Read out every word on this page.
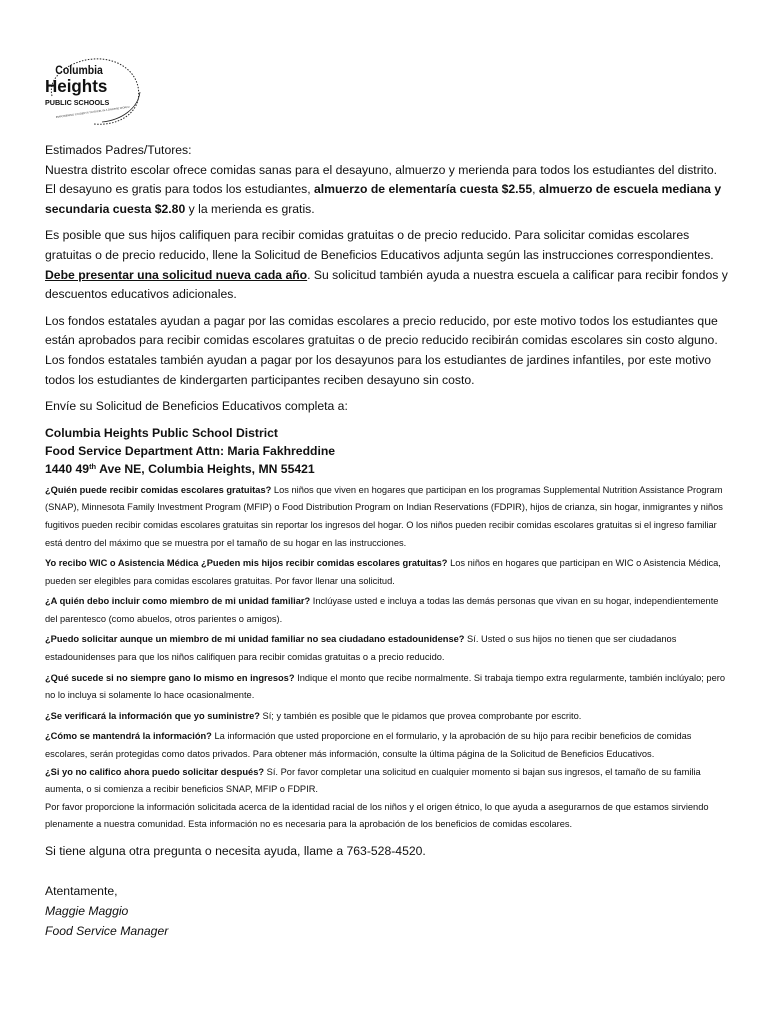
Columbia
Heights
PUBLIC SCHOOLS
EMPOWERING STUDENTS TO EXCEL IN A DIVERSE WORLD

Estimados Padres/Tutores:

Nuestra distrito escolar ofrece comidas sanas para el desayuno, almuerzo y merienda para todos los estudiantes del distrito. El desayuno es gratis para todos los estudiantes, almuerzo de elementaría cuesta $2.55, almuerzo de escuela mediana y secundaria cuesta $2.80 y la merienda es gratis.

Es posible que sus hijos califiquen para recibir comidas gratuitas o de precio reducido. Para solicitar comidas escolares gratuitas o de precio reducido, llene la Solicitud de Beneficios Educativos adjunta según las instrucciones correspondientes. Debe presentar una solicitud nueva cada año. Su solicitud también ayuda a nuestra escuela a calificar para recibir fondos y descuentos educativos adicionales.

Los fondos estatales ayudan a pagar por las comidas escolares a precio reducido, por este motivo todos los estudiantes que están aprobados para recibir comidas escolares gratuitas o de precio reducido recibirán comidas escolares sin costo alguno. Los fondos estatales también ayudan a pagar por los desayunos para los estudiantes de jardines infantiles, por este motivo todos los estudiantes de kindergarten participantes reciben desayuno sin costo.

Envíe su Solicitud de Beneficios Educativos completa a:

Columbia Heights Public School District

Food Service Department Attn: Maria Fakhreddine

1440 49th Ave NE, Columbia Heights, MN 55421

¿Quién puede recibir comidas escolares gratuitas? Los niños que viven en hogares que participan en los programas Supplemental Nutrition Assistance Program (SNAP), Minnesota Family Investment Program (MFIP) o Food Distribution Program on Indian Reservations (FDPIR), hijos de crianza, sin hogar, inmigrantes y niños fugitivos pueden recibir comidas escolares gratuitas sin reportar los ingresos del hogar. O los niños pueden recibir comidas escolares gratuitas si el ingreso familiar está dentro del máximo que se muestra por el tamaño de su hogar en las instrucciones.

Yo recibo WIC o Asistencia Médica ¿Pueden mis hijos recibir comidas escolares gratuitas? Los niños en hogares que participan en WIC o Asistencia Médica, pueden ser elegibles para comidas escolares gratuitas. Por favor llenar una solicitud.

¿A quién debo incluir como miembro de mi unidad familiar? Inclúyase usted e incluya a todas las demás personas que vivan en su hogar, independientemente del parentesco (como abuelos, otros parientes o amigos).

¿Puedo solicitar aunque un miembro de mi unidad familiar no sea ciudadano estadounidense? Sí. Usted o sus hijos no tienen que ser ciudadanos estadounidenses para que los niños califiquen para recibir comidas gratuitas o a precio reducido.

¿Qué sucede si no siempre gano lo mismo en ingresos? Indique el monto que recibe normalmente. Si trabaja tiempo extra regularmente, también inclúyalo; pero no lo incluya si solamente lo hace ocasionalmente.

¿Se verificará la información que yo suministre? Sí; y también es posible que le pidamos que provea comprobante por escrito.

¿Cómo se mantendrá la información? La información que usted proporcione en el formulario, y la aprobación de su hijo para recibir beneficios de comidas escolares, serán protegidas como datos privados. Para obtener más información, consulte la última página de la Solicitud de Beneficios Educativos.

¿Si yo no califico ahora puedo solicitar después? Sí. Por favor completar una solicitud en cualquier momento si bajan sus ingresos, el tamaño de su familia aumenta, o si comienza a recibir beneficios SNAP, MFIP o FDPIR.

Por favor proporcione la información solicitada acerca de la identidad racial de los niños y el origen étnico, lo que ayuda a asegurarnos de que estamos sirviendo plenamente a nuestra comunidad. Esta información no es necesaria para la aprobación de los beneficios de comidas escolares.

Si tiene alguna otra pregunta o necesita ayuda, llame a 763-528-4520.

Atentamente,

Maggie Maggio

Food Service Manager
